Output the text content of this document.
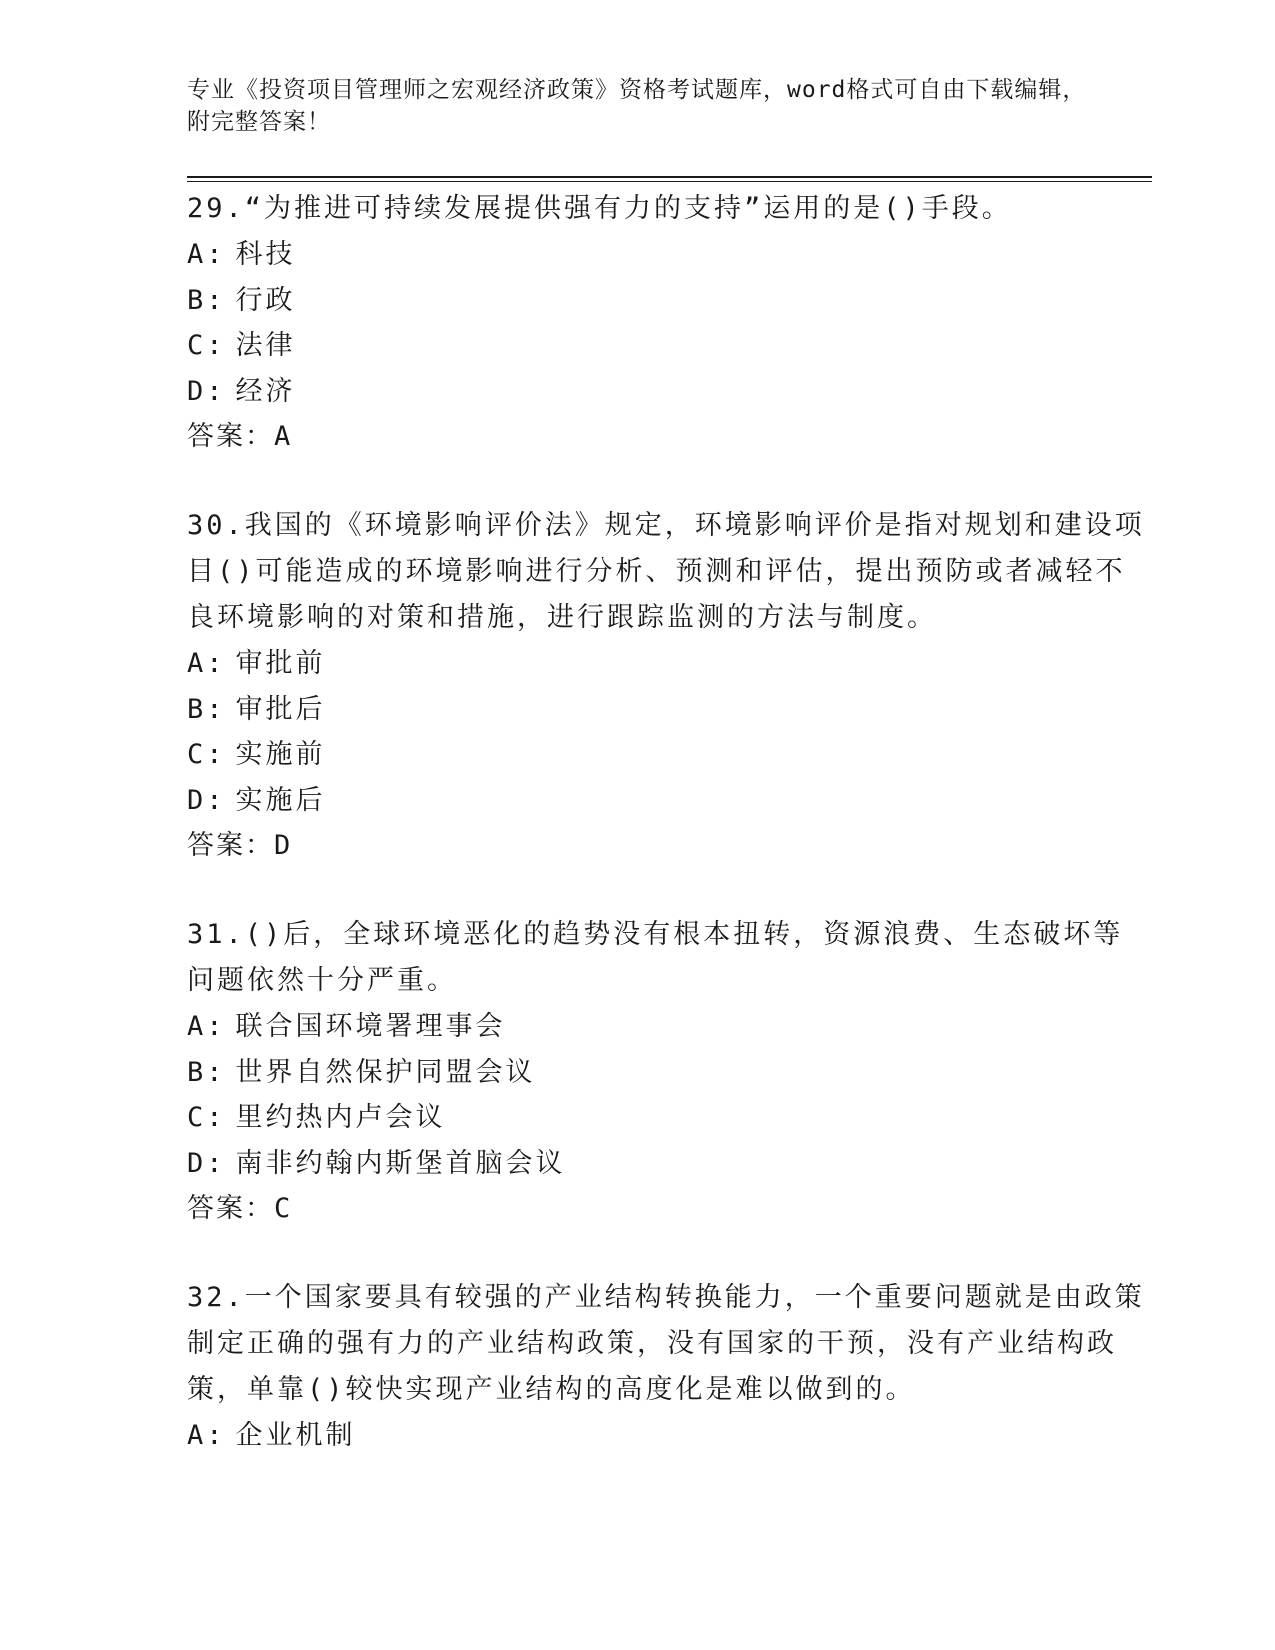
专业《投资项目管理师之宏观经济政策》资格考试题库，word格式可自由下载编辑，附完整答案！

29.“为推进可持续发展提供强有力的支持”运用的是()手段。

A: 科技
B: 行政
C: 法律
D: 经济
答案：A

30.我国的《环境影响评价法》规定，环境影响评价是指对规划和建设项目()可能造成的环境影响进行分析、预测和评估，提出预防或者减轻不良环境影响的对策和措施，进行跟踪监测的方法与制度。

A: 审批前
B: 审批后
C: 实施前
D: 实施后
答案：D

31.()后，全球环境恶化的趋势没有根本扭转，资源浪费、生态破坏等问题依然十分严重。

A: 联合国环境署理事会
B: 世界自然保护同盟会议
C: 里约热内卢会议
D: 南非约翰内斯堡首脑会议
答案：C

32.一个国家要具有较强的产业结构转换能力，一个重要问题就是由政策制定正确的强有力的产业结构政策，没有国家的干预，没有产业结构政策，单靠()较快实现产业结构的高度化是难以做到的。

A: 企业机制
